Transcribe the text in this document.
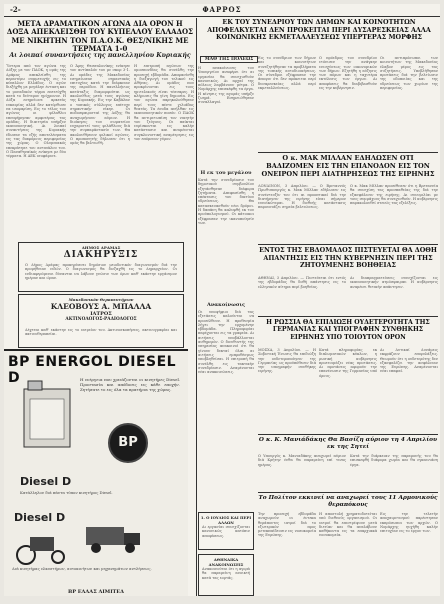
-2-	ΦΑΡΡΟΣ
ΜΕΤΑ ΔΡΑΜΑΤΙΚΟΝ ΑΓΩΝΑ ΔΙΑ ΟΡΟΝ Η ΔΟΞΑ ΑΠΕΚΛΕΙΣΘΗ ΤΟΥ ΚΥΠΕΛΛΟΥ ΕΛΛΑΔΟΣ ΜΕ ΝΙΚΗΤΗΝ ΤΟΝ Π.Α.Ο.Κ. ΘΕΣ/ΝΙΚΗΣ ΜΕ ΤΕΡΜΑΤΑ 1-0
Αι λοιπαί συναντήσεις της πανελληνίου Κυριακής
Ύστερα από τον αγώνα της Δόξης με τον ΠΑΟΚ, η ομάς της Δράμας απεκλείσθη της περαιτέρω συμμετοχής εις το κύπελλον Ελλάδος. Ο αγών διεξήχθη με μεγάλην ένταση και το μοναδικόν τέρμα επετεύχθη κατά το δεύτερον ημίχρονον. Η Δόξα εσημείωσε αρκετάς ευκαιρίας αλλά δεν κατόρθωσε να ισοφαρίση. Εις το τέλος του αγώνος οι φίλαθλοι επευφήμησαν αμφοτέρας τας ομάδας. Η διαιτησία υπήρξεν ικανοποιητική. Αι λοιπαί συναντήσεις της Κυριακής έδωσαν τα εξής αποτελέσματα εις τας διαφόρους περιφερείας της χώρας. Ο Ολυμπιακός επεκράτησε του αντιπάλου του. Ο Παναθηναϊκός ενίκησε με δύο τέρματα. Η ΑΕΚ ισοφάρισε.
Ο Άρης Θεσσαλονίκης ενίκησε τον αντίπαλόν του με σκορ 3-1. Αι ομάδες της Μακεδονίας εσημείωσαν σημαντικάς επιτυχίας κατά την διάρκειαν της περιόδου. Η πανελλήνιος κατάταξις διαμορφούται ως ακολούθως μετά τους αγώνας της Κυριακής. Εις την Καβάλαν ο τοπικός σύλλογος επέτυχε σημαντικήν νίκην. Οι ποδοσφαιρισταί της Δόξης θα αναχωρήσουν αύριον. Η διοίκησις του σωματείου ευχαριστεί τους φιλάθλους διά την συμπαράστασίν των. Θα ακολουθήσουν φιλικοί αγώνες. Ο προπονητής δήλωσεν ότι η ομάς θα βελτιωθή.
Η επιτροπή αγώνων της ομοσπονδίας θα συνέλθη την προσεχή εβδομάδα. Αποφασίσθη η διεξαγωγή του τελικού εις Αθήνας. Αι ομάδες που προκρίνονται εις τους ημιτελικούς είναι τέσσαρες. Η κλήρωσις θα γίνη δημοσία. Εις τον αγώνα παρηκολούθησαν περί τους πέντε χιλιάδας θεατάς. Τα έσοδα ανήλθαν εις ικανοποιητικόν ποσόν. Ο ΠΑΟΚ θα αντιμετωπίση τον νικητήν του ζεύγους. Οι παίκται ευρίσκονται εις καλήν κατάστασιν και αναμένεται συγκλονιστική αναμέτρησις εις τον επόμενον γύρον.
ΔΗΜΟΣ ΔΡΑΜΑΣ
ΔΙΑΚΗΡΥΞΙΣ
Ο Δήμος Δράμας προκηρύσσει δημόσιον μειοδοτικόν διαγωνισμόν διά την προμήθειαν ειδών. Ο διαγωνισμός θα διεξαχθή εις το Δημαρχείον. Οι ενδιαφερόμενοι δύνανται να λάβουν γνώσιν των όρων καθ' εκάστην εργάσιμον ημέραν και ώραν.
Μακεδονικόν Θεραπευτήριον
ΚΛΕΟΒΟΥΣ Α. ΜΠΑΛΛΑ
ΙΑΤΡΟΣ
ΑΚΤΙΝΟΛΟΓΟΣ-ΡΑΔΙΟΛΟΓΟΣ
Δέχεται καθ' εκάστην εις το ιατρείον του. Ακτινοσκοπήσεις, ακτινογραφίαι και ακτινοθεραπείαι.
BP ENERGOL DIESEL D	Η ενέργεια που χρειάζονται οι κινητήρες Diesel. Προστασία και απόδοσις εις κάθε εποχήν. Ζητήσατε το εις όλα τα πρατήρια της χώρας.
BP
Diesel D
Κατάλληλον διά πάντα τύπον κινητήρος Diesel.
Diesel D
Διά κινητήρας ελκυστήρων, αυτοκινήτων και μηχανημάτων αντλήσεως.
ΒΡ ΕΛΛΑΣ ΛΙΜΙΤΕΔ
Η ανακοίνωσις του Υπουργείου αναφέρει ότι αι εργασίαι θα συνεχισθούν κανονικώς. Αι αρχαί της πόλεως λαμβάνουν μέτρα. Ο Νομάρχης επεσκέφθη τα έργα. Η κίνησις της αγοράς υπήρξε ζωηρά. Εσημειώθησαν συναλλαγαί.
Η εκ του μεγάλου
Κατά την συνεδρίασιν του δημοτικού συμβουλίου εξητάσθησαν διάφορα ζητήματα. Απεφασίσθη η επέκτασις του δικτύου υδρεύσεως. Θα κατασκευασθούν νέοι δρόμοι. Η δαπάνη θα καλυφθή εκ του προϋπολογισμού. Οι κάτοικοι εξέφρασαν την ικανοποίησίν των.
Ανακοίνωσις
Οι υποψήφιοι διά τας εξετάσεις καλούνται να προσέλθουν. Η προθεσμία λήγει την ερχομένην εβδομάδα. Πληροφορίαι παρέχονται εις τα γραφεία. Αι αιτήσεις υποβάλλονται αυθημερόν. Ο διευθυντής της υπηρεσίας ανακοινοί ότι θα γίνουν δεκταί όλαι αι αιτήσεις εμπροθέσμως υποβληθείσαι. Η επιτροπή θα συνέλθη εις τακτικήν συνεδρίασιν. Αναμένονται νέαι ανακοινώσεις.
1. Ο ΙΟΥΛΙΟΣ ΚΑΙ ΠΕΡΙ ΑΛΛΩΝ
Αι εργασίαι συνεχίζονται κανονικώς κατόπιν αποφάσεως.
ΑΘΗΝΑΙΚΑ ΑΝΑΚΟΙΝΩΣΕΙΣ
Ανακοινούται ότι η αγορά θα παραμείνη ανοικτή κατά τας εορτάς.
ΕΚ ΤΟΥ ΣΥΝΕΔΡΙΟΥ ΤΩΝ ΔΗΜΩΝ ΚΑΙ ΚΟΙΝΟΤΗΤΩΝ ΑΠΟΦΕΛΚΥΕΤΑΙ ΔΕΝ ΠΡΟΚΕΙΤΑΙ ΠΕΡΙ ΔΥΣΑΡΕΣΚΕΙΑΣ ΑΛΛΑ ΚΟΙΝΩΝΙΚΗΣ ΕΚΜΕΤΑΛΛΕΥΣΕΩΣ ΥΠΕΡΤΕΡΑΣ ΜΟΡΦΗΣ
ΜΑΘ ΤΗΣ ΠΟΛΕΩΣ	Εις το συνέδριον των δήμων και κοινοτήτων συνεζητήθησαν τα προβλήματα της τοπικής αυτοδιοικήσεως. Οι σύνεδροι εξέφρασαν την άποψιν ότι δεν πρόκειται περί δυσαρεσκείας αλλά περί εκμεταλλεύσεως.
Ο πρόεδρος του συνεδρίου ετόνισεν την ανάγκην ενισχύσεως των οικονομικών των δήμων. Εζητήθη η αύξησις των πόρων και η ταχυτέρα εκτέλεσις των έργων. Αι αποφάσεις θα διαβιβασθούν εις την κυβέρνησιν.
Οι αντιπρόσωποι των κοινοτήτων της Μακεδονίας έλαβον μέρος εις τας συζητήσεις. Υπεβλήθησαν προτάσεις διά την βελτίωσιν της οδοποιίας και της υδρεύσεως των χωρίων της περιφερείας.
Ο κ. ΜΑΚ ΜΙΛΛΑΝ ΕΔΗΛΩΣΕΝ ΟΤΙ ΒΑΔΙΖΟΜΕΝ ΕΙΣ ΤΗΝ ΕΠΑΝΟΔΟΝ ΕΙΣ ΤΟΝ ΟΝΕΙΡΟΝ ΠΕΡΙ ΔΙΑΤΗΡΗΣΕΩΣ ΤΗΣ ΕΙΡΗΝΗΣ
ΛΟΝΔΙΝΟΝ, 3 Απριλίου. — Ο Βρεταννός Πρωθυπουργός κ. Μακ Μίλλαν εδήλωσεν εις συνέντευξίν του ότι αι προοπτικαί διά την διατήρησιν της ειρήνης είναι σήμερον ευνοϊκώτεραι. Η διεθνής κατάστασις παρουσιάζει σημεία βελτιώσεως.
Ο κ. Μακ Μίλλαν προσέθεσεν ότι η Βρεταννία θα συνεχίση τας προσπαθείας της διά την εξασφάλισιν της ειρήνης. Αι συνομιλίαι με τους συμμάχους θα συνεχισθούν. Η κυβέρνησις παρακολουθεί στενώς τας εξελίξεις.
ΕΝΤΟΣ ΤΗΣ ΕΒΔΟΜΑΔΟΣ ΠΙΣΤΕΥΕΤΑΙ ΘΑ ΔΟΘΗ ΑΠΑΝΤΗΣΙΣ ΕΙΣ ΤΗΝ ΚΥΒΕΡΝΗΣΙΝ ΠΕΡΙ ΤΗΣ ΖΗΤΟΥΜΕΝΗΣ ΒΟΗΘΕΙΑΣ
ΑΘΗΝΑΙ, 3 Απριλίου. — Πιστεύεται ότι εντός της εβδομάδος θα δοθή απάντησις εις το ελληνικόν αίτημα περί βοηθείας.
Αι διαπραγματεύσεις συνεχίζονται εις ικανοποιητικήν ατμόσφαιραν. Η κυβέρνησις αναμένει θετικήν απάντησιν.
Η ΡΩΣΣΙΑ ΘΑ ΕΠΙΔΙΩΞΗ ΟΥΔΕΤΕΡΟΤΗΤΑ ΤΗΣ ΓΕΡΜΑΝΙΑΣ ΚΑΙ ΥΠΟΓΡΑΦΗΝ ΣΥΝΘΗΚΗΣ ΕΙΡΗΝΗΣ ΥΠΟ ΤΟΙΟΥΤΟΝ ΟΡΟΝ
ΜΟΣΧΑ, 3 Απριλίου. — Η Σοβιετική Ένωσις θα επιδιώξη την ουδετεροποίησιν της Γερμανίας ως προϋπόθεσιν διά την υπογραφήν συνθήκης ειρήνης.
Κατά πληροφορίας εκ διπλωματικών κύκλων, η ρωσική κυβέρνησις προετοιμάζει νέας προτάσεις. Αι προτάσεις αφορούν την επανένωσιν της Γερμανίας υπό όρους.
Αι Δυτικαί Δυνάμεις εκφράζουν επιφυλάξεις. Θεωρούν ότι η ουδετερότης δεν εξασφαλίζει την ασφάλειαν της Ευρώπης. Αναμένονται νέαι επαφαί.
Ο κ. Κ. Μανιάδάκης Θα Βασίζη αύριον τη 4 Απριλίου εκ της Σητεί
Ο Υπουργός κ. Μανιαδάκης αναχωρεί αύριον διά Κρήτην ένθα θα παραμείνη επί τινας ημέρας.
Κατά την διάρκειαν της παραμονής του θα επισκεφθή διάφορα χωρία και θα εγκαινιάση έργα.
Το Πολίτον εκκινεί να αναχωρεί τους 11 Αρμονικούς θεραπόκους
Την προσεχή εβδομάδα αναχωρούν οι έντεκα θεράποντες ιατροί διά το εξωτερικόν προς μετεκπαίδευσιν εις νοσοκομεία της Ευρώπης.
Η αποστολή χρηματοδοτείται υπό διεθνούς οργανισμού. Οι ιατροί θα επιστρέψουν μετά διετίαν και θα αναλάβουν καθήκοντα εις τα επαρχιακά νοσοκομεία.
Εις την τελετήν αποχαιρετισμού παρέστησαν εκπρόσωποι των αρχών. Ο Νομάρχης ηυχήθη καλήν επιτυχίαν εις το έργον των.
